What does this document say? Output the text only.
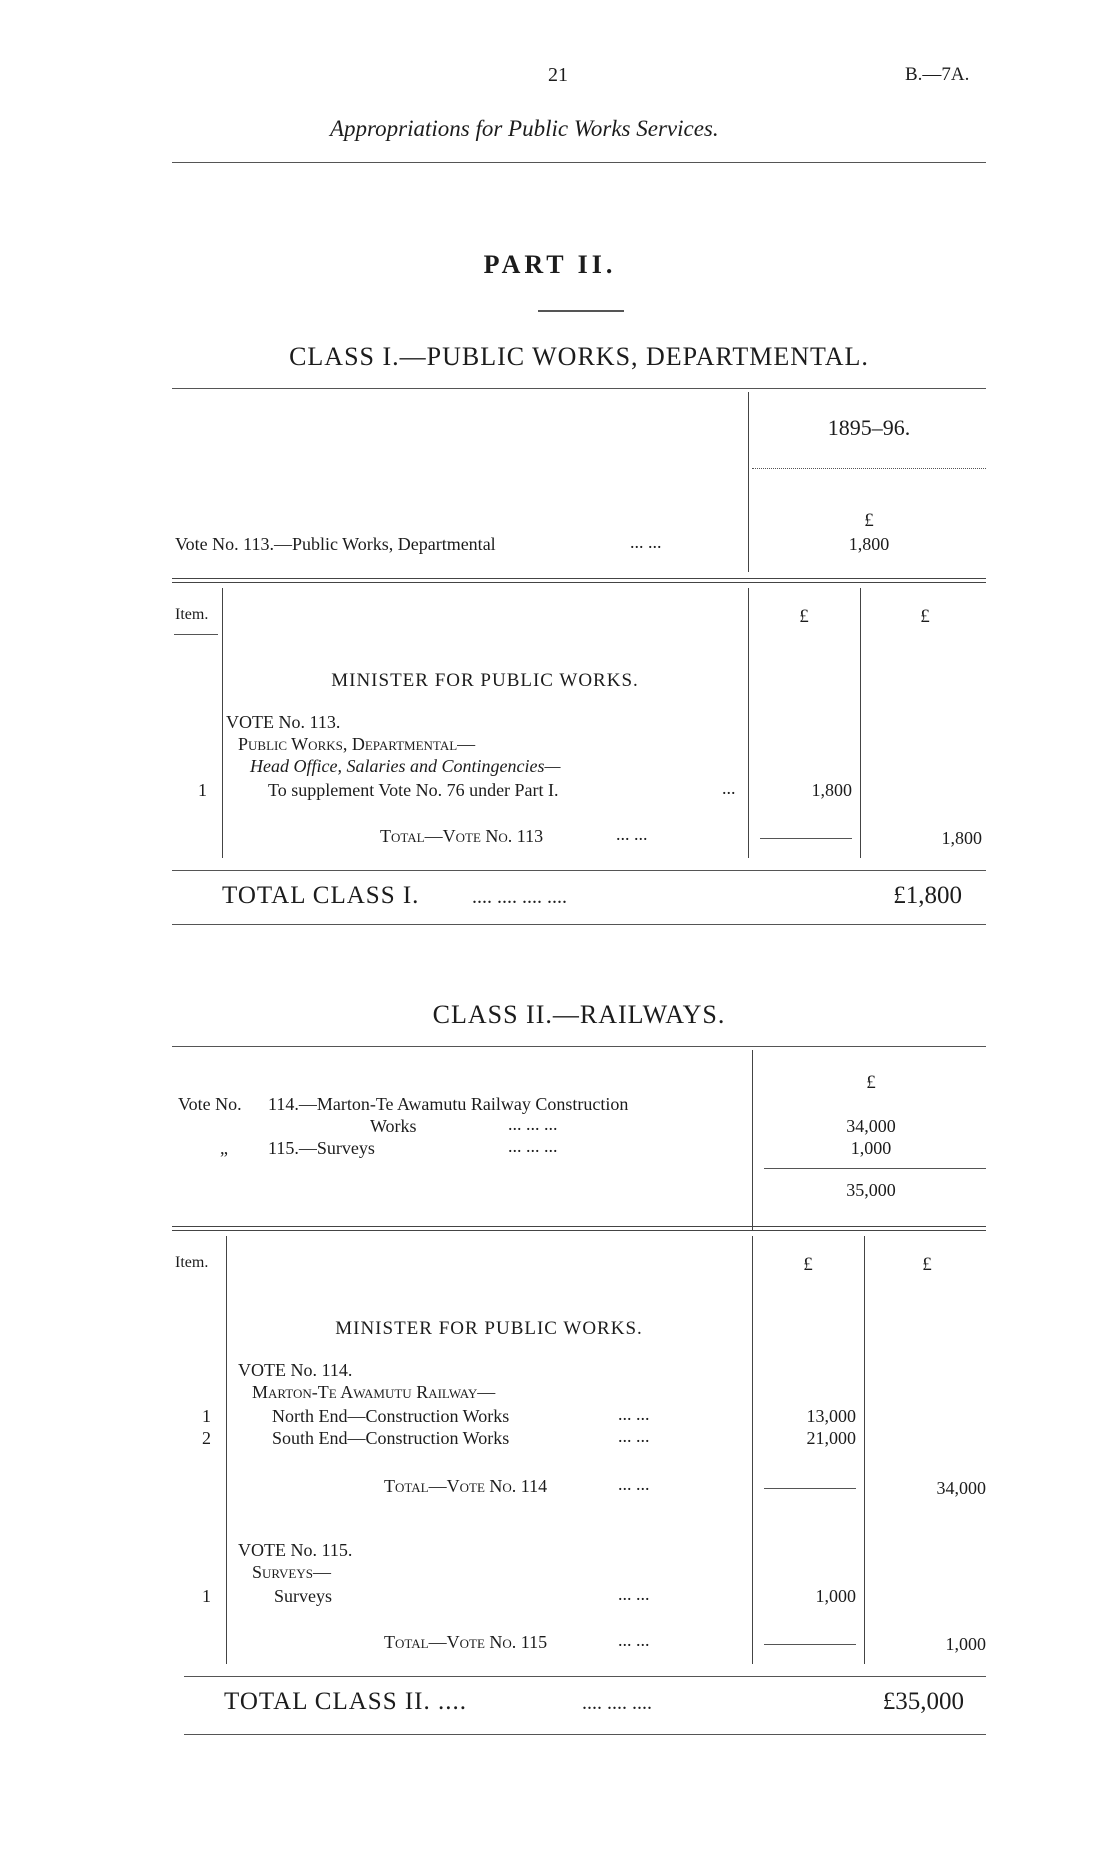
21	B.—7A.
Appropriations for Public Works Services.
PART II.
CLASS I.—PUBLIC WORKS, DEPARTMENTAL.
1895–96.
£
Vote No. 113.—Public Works, Departmental	... ...	1,800
Item.	£	£
MINISTER FOR PUBLIC WORKS.
VOTE No. 113.
Public Works, Departmental—
Head Office, Salaries and Contingencies—
1	To supplement Vote No. 76 under Part I.	...	1,800
Total—Vote No. 113	... ...	1,800
TOTAL CLASS I.	.... .... .... ....	£1,800
CLASS II.—RAILWAYS.
£
Vote No. 114.—Marton-Te Awamutu Railway Construction
Works	... ... ...	34,000
„ 115.—Surveys	... ... ...	1,000
35,000
Item.	£	£
MINISTER FOR PUBLIC WORKS.
VOTE No. 114.
Marton-Te Awamutu Railway—
1	North End—Construction Works	... ...	13,000
2	South End—Construction Works	... ...	21,000
Total—Vote No. 114	... ...	34,000
VOTE No. 115.
Surveys—
1	Surveys	... ...	1,000
Total—Vote No. 115	... ...	1,000
TOTAL CLASS II. ....	.... .... ....	£35,000
